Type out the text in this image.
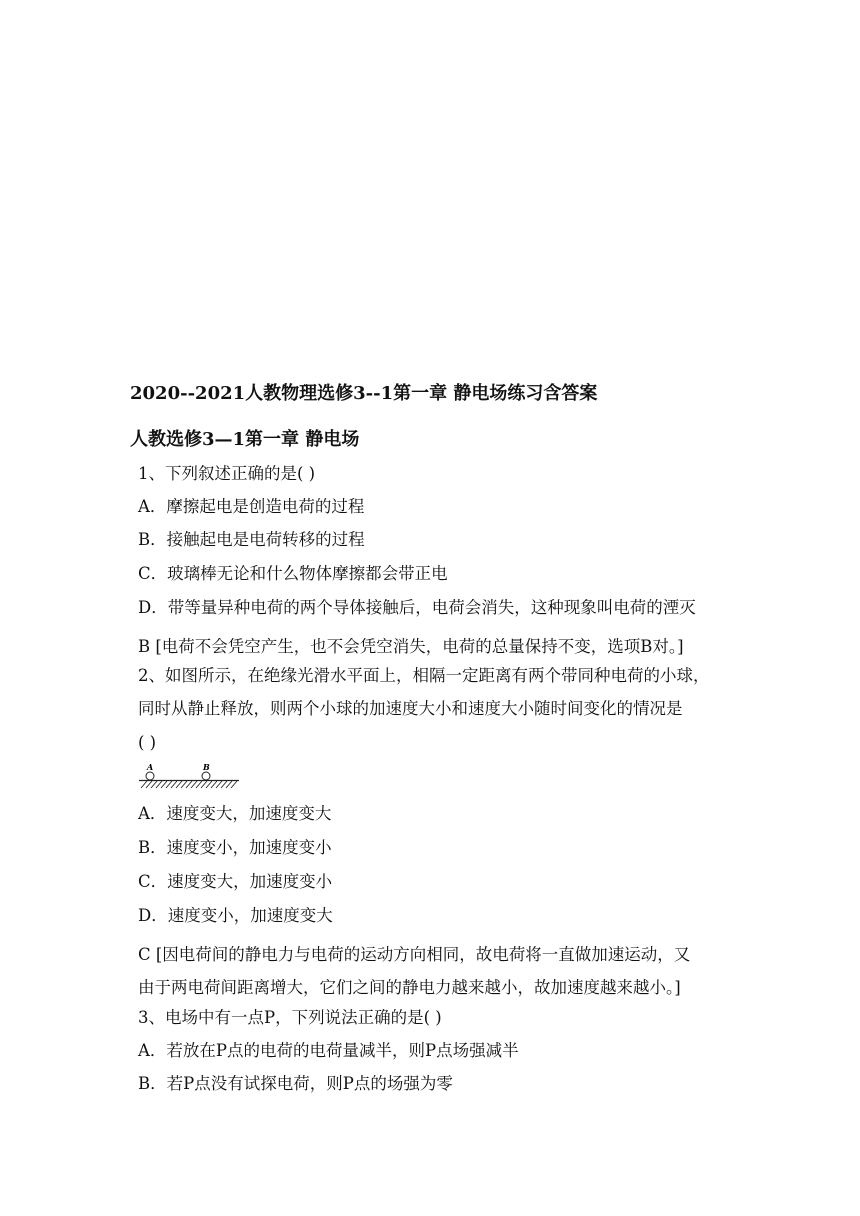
2020--2021人教物理选修3--1第一章 静电场练习含答案
人教选修3—1第一章 静电场
1、下列叙述正确的是( )
A．摩擦起电是创造电荷的过程
B．接触起电是电荷转移的过程
C．玻璃棒无论和什么物体摩擦都会带正电
D．带等量异种电荷的两个导体接触后，电荷会消失，这种现象叫电荷的湮灭
B [电荷不会凭空产生，也不会凭空消失，电荷的总量保持不变，选项B对。]
2、如图所示，在绝缘光滑水平面上，相隔一定距离有两个带同种电荷的小球，
同时从静止释放，则两个小球的加速度大小和速度大小随时间变化的情况是
( )
A	B
A．速度变大，加速度变大
B．速度变小，加速度变小
C．速度变大，加速度变小
D．速度变小，加速度变大
C [因电荷间的静电力与电荷的运动方向相同，故电荷将一直做加速运动，又
由于两电荷间距离增大，它们之间的静电力越来越小，故加速度越来越小。]
3、电场中有一点P，下列说法正确的是( )
A．若放在P点的电荷的电荷量减半，则P点场强减半
B．若P点没有试探电荷，则P点的场强为零
